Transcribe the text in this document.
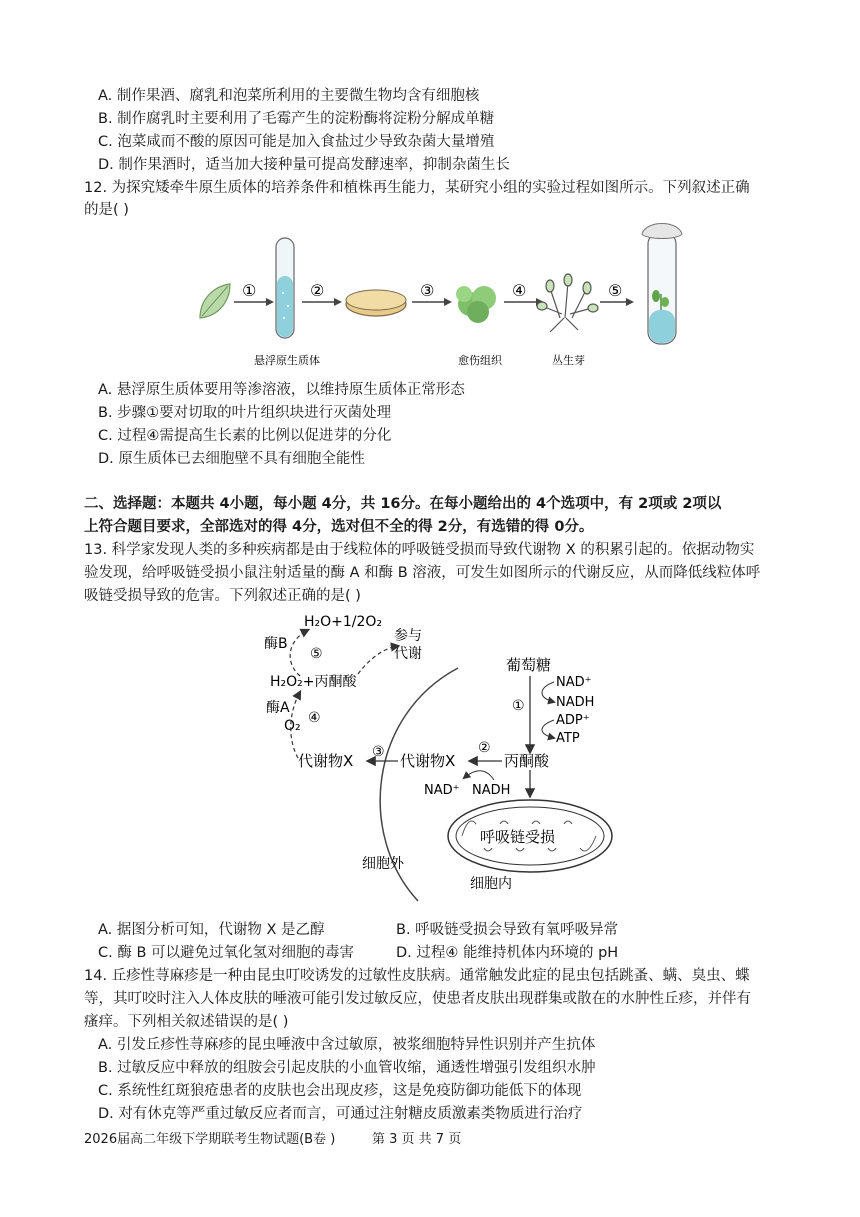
A. 制作果酒、腐乳和泡菜所利用的主要微生物均含有细胞核
B. 制作腐乳时主要利用了毛霉产生的淀粉酶将淀粉分解成单糖
C. 泡菜咸而不酸的原因可能是加入食盐过少导致杂菌大量增殖
D. 制作果酒时，适当加大接种量可提高发酵速率，抑制杂菌生长
12. 为探究矮牵牛原生质体的培养条件和植株再生能力，某研究小组的实验过程如图所示。下列叙述正确
的是( )
①
悬浮原生质体
②	③
愈伤组织
④
丛生芽
⑤
A. 悬浮原生质体要用等渗溶液，以维持原生质体正常形态
B. 步骤①要对切取的叶片组织块进行灭菌处理
C. 过程④需提高生长素的比例以促进芽的分化
D. 原生质体已去细胞壁不具有细胞全能性
二、选择题：本题共 4小题，每小题 4分，共 16分。在每小题给出的 4个选项中，有 2项或 2项以
上符合题目要求，全部选对的得 4分，选对但不全的得 2分，有选错的得 0分。
13. 科学家发现人类的多种疾病都是由于线粒体的呼吸链受损而导致代谢物 X 的积累引起的。依据动物实
验发现，给呼吸链受损小鼠注射适量的酶 A 和酶 B 溶液，可发生如图所示的代谢反应，从而降低线粒体呼
吸链受损导致的危害。下列叙述正确的是( )
H₂O+1/2O₂
酶B
⑤
参与
代谢
H₂O₂+丙酮酸
酶A
④
O₂
葡萄糖
①
NAD⁺
NADH
ADP⁺
ATP
代谢物X ③ 代谢物X
②
丙酮酸
NAD⁺ NADH
呼吸链受损
细胞外
细胞内
A. 据图分析可知，代谢物 X 是乙醇	B. 呼吸链受损会导致有氧呼吸异常
C. 酶 B 可以避免过氧化氢对细胞的毒害	D. 过程④ 能维持机体内环境的 pH
14. 丘疹性荨麻疹是一种由昆虫叮咬诱发的过敏性皮肤病。通常触发此症的昆虫包括跳蚤、螨、臭虫、蝶
等，其叮咬时注入人体皮肤的唾液可能引发过敏反应，使患者皮肤出现群集或散在的水肿性丘疹，并伴有
瘙痒。下列相关叙述错误的是( )
A. 引发丘疹性荨麻疹的昆虫唾液中含过敏原，被浆细胞特异性识别并产生抗体
B. 过敏反应中释放的组胺会引起皮肤的小血管收缩，通透性增强引发组织水肿
C. 系统性红斑狼疮患者的皮肤也会出现皮疹，这是免疫防御功能低下的体现
D. 对有休克等严重过敏反应者而言，可通过注射糖皮质激素类物质进行治疗
2026届高二年级下学期联考生物试题(B卷 )	第 3 页 共 7 页
